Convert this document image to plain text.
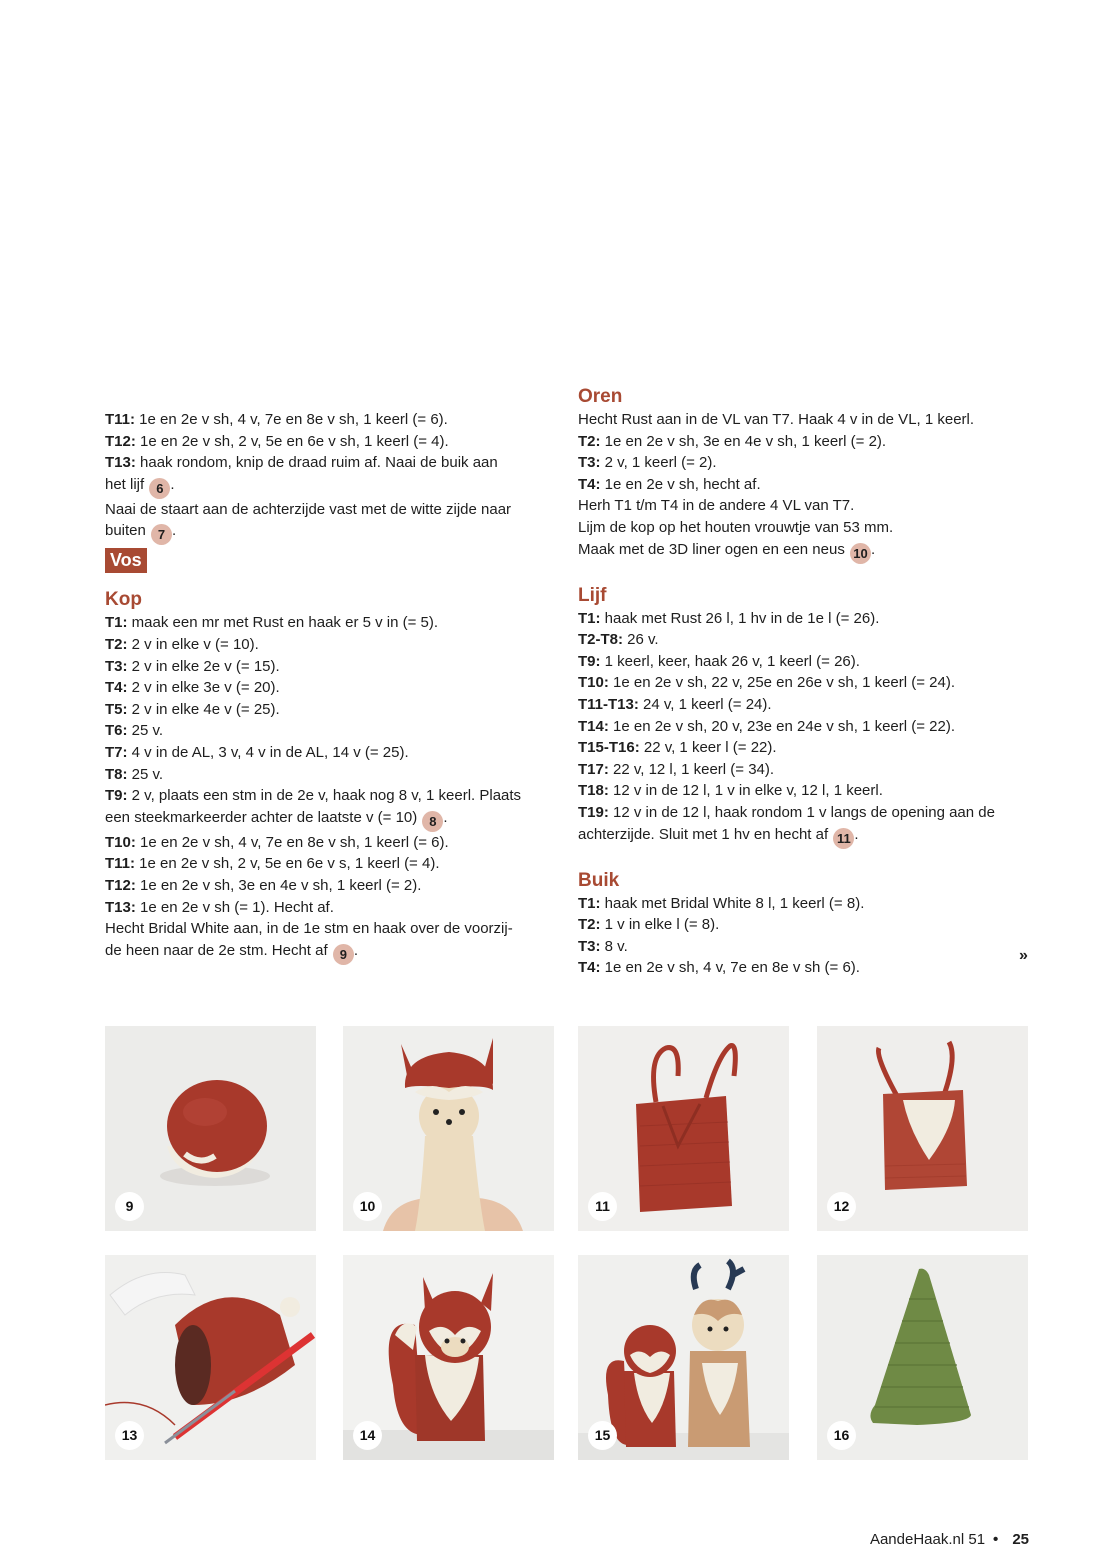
T11: 1e en 2e v sh, 4 v, 7e en 8e v sh, 1 keerl (= 6).
T12: 1e en 2e v sh, 2 v, 5e en 6e v sh, 1 keerl (= 4).
T13: haak rondom, knip de draad ruim af. Naai de buik aan
het lijf 6 .
Naai de staart aan de achterzijde vast met de witte zijde naar
buiten 7 .
Vos
Kop
T1: maak een mr met Rust en haak er 5 v in (= 5).
T2: 2 v in elke v (= 10).
T3: 2 v in elke 2e v (= 15).
T4: 2 v in elke 3e v (= 20).
T5: 2 v in elke 4e v (= 25).
T6: 25 v.
T7: 4 v in de AL, 3 v, 4 v in de AL, 14 v (= 25).
T8: 25 v.
T9: 2 v, plaats een stm in de 2e v, haak nog 8 v, 1 keerl. Plaats
een steekmarkeerder achter de laatste v (= 10) 8 .
T10: 1e en 2e v sh, 4 v, 7e en 8e v sh, 1 keerl (= 6).
T11: 1e en 2e v sh, 2 v, 5e en 6e v s, 1 keerl (= 4).
T12: 1e en 2e v sh, 3e en 4e v sh, 1 keerl (= 2).
T13: 1e en 2e v sh (= 1). Hecht af.
Hecht Bridal White aan, in de 1e stm en haak over de voorzij-
de heen naar de 2e stm. Hecht af 9 .
Oren
Hecht Rust aan in de VL van T7. Haak 4 v in de VL, 1 keerl.
T2: 1e en 2e v sh, 3e en 4e v sh, 1 keerl (= 2).
T3: 2 v, 1 keerl (= 2).
T4: 1e en 2e v sh, hecht af.
Herh T1 t/m T4 in de andere 4 VL van T7.
Lijm de kop op het houten vrouwtje van 53 mm.
Maak met de 3D liner ogen en een neus 10 .
Lijf
T1: haak met Rust 26 l, 1 hv in de 1e l (= 26).
T2-T8: 26 v.
T9: 1 keerl, keer, haak 26 v, 1 keerl (= 26).
T10: 1e en 2e v sh, 22 v, 25e en 26e v sh, 1 keerl (= 24).
T11-T13: 24 v, 1 keerl (= 24).
T14: 1e en 2e v sh, 20 v, 23e en 24e v sh, 1 keerl (= 22).
T15-T16: 22 v, 1 keer l (= 22).
T17: 22 v, 12 l, 1 keerl (= 34).
T18: 12 v in de 12 l, 1 v in elke v, 12 l, 1 keerl.
T19: 12 v in de 12 l, haak rondom 1 v langs de opening aan de
achterzijde. Sluit met 1 hv en hecht af 11 .
Buik
T1: haak met Bridal White 8 l, 1 keerl (= 8).
T2: 1 v in elke l (= 8).
T3: 8 v.
T4: 1e en 2e v sh, 4 v, 7e en 8e v sh (= 6).
»
9	10	11	12
13	14	15	16
AandeHaak.nl 51 • 25
